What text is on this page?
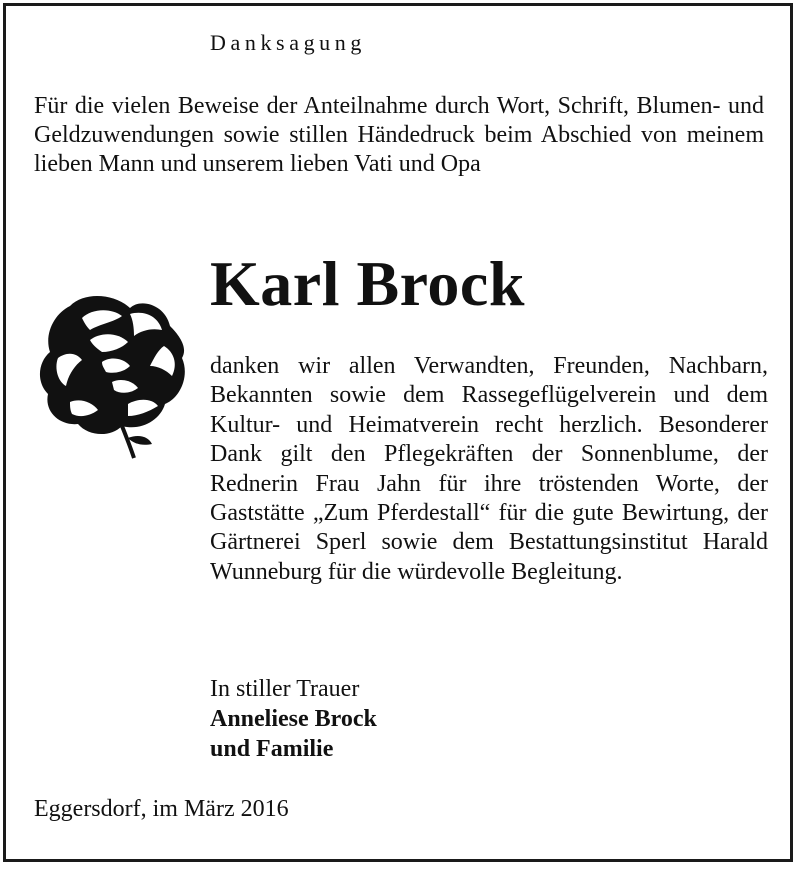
Danksagung
Für die vielen Beweise der Anteilnahme durch Wort, Schrift, Blumen- und Geldzuwendungen sowie stillen Händedruck beim Abschied von meinem lieben Mann und unserem lieben Vati und Opa
Karl Brock
danken wir allen Verwandten, Freunden, Nachbarn, Bekannten sowie dem Rassegeflügelverein und dem Kultur- und Heimatverein recht herzlich. Besonderer Dank gilt den Pflegekräften der Sonnenblume, der Rednerin Frau Jahn für ihre tröstenden Worte, der Gaststätte „Zum Pferdestall“ für die gute Bewirtung, der Gärtnerei Sperl sowie dem Bestattungsinstitut Harald Wunneburg für die würdevolle Begleitung.
In stiller Trauer
Anneliese Brock
und Familie
Eggersdorf, im März 2016
